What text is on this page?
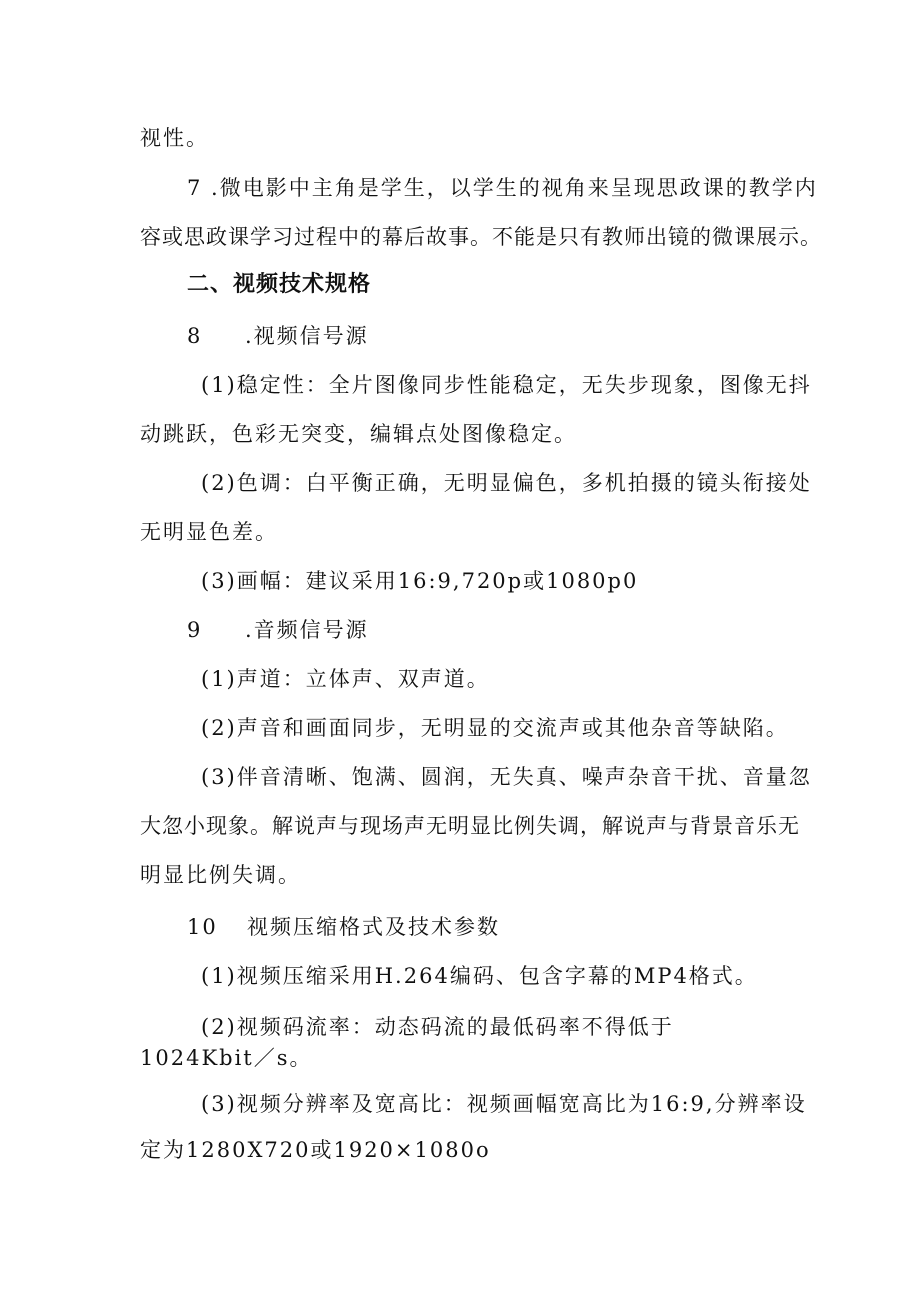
视性。
7 .微电影中主角是学生，以学生的视角来呈现思政课的教学内
容或思政课学习过程中的幕后故事。不能是只有教师出镜的微课展示。
二、视频技术规格
8 .视频信号源
(1)稳定性：全片图像同步性能稳定，无失步现象，图像无抖
动跳跃，色彩无突变，编辑点处图像稳定。
(2)色调：白平衡正确，无明显偏色，多机拍摄的镜头衔接处
无明显色差。
(3)画幅：建议采用16:9,720p或1080p0
9 .音频信号源
(1)声道：立体声、双声道。
(2)声音和画面同步，无明显的交流声或其他杂音等缺陷。
(3)伴音清晰、饱满、圆润，无失真、噪声杂音干扰、音量忽
大忽小现象。解说声与现场声无明显比例失调，解说声与背景音乐无
明显比例失调。
10 视频压缩格式及技术参数
(1)视频压缩采用H.264编码、包含字幕的MP4格式。
(2)视频码流率：动态码流的最低码率不得低于
1024Kbit／s。
(3)视频分辨率及宽高比：视频画幅宽高比为16:9,分辨率设
定为1280X720或1920×1080o
